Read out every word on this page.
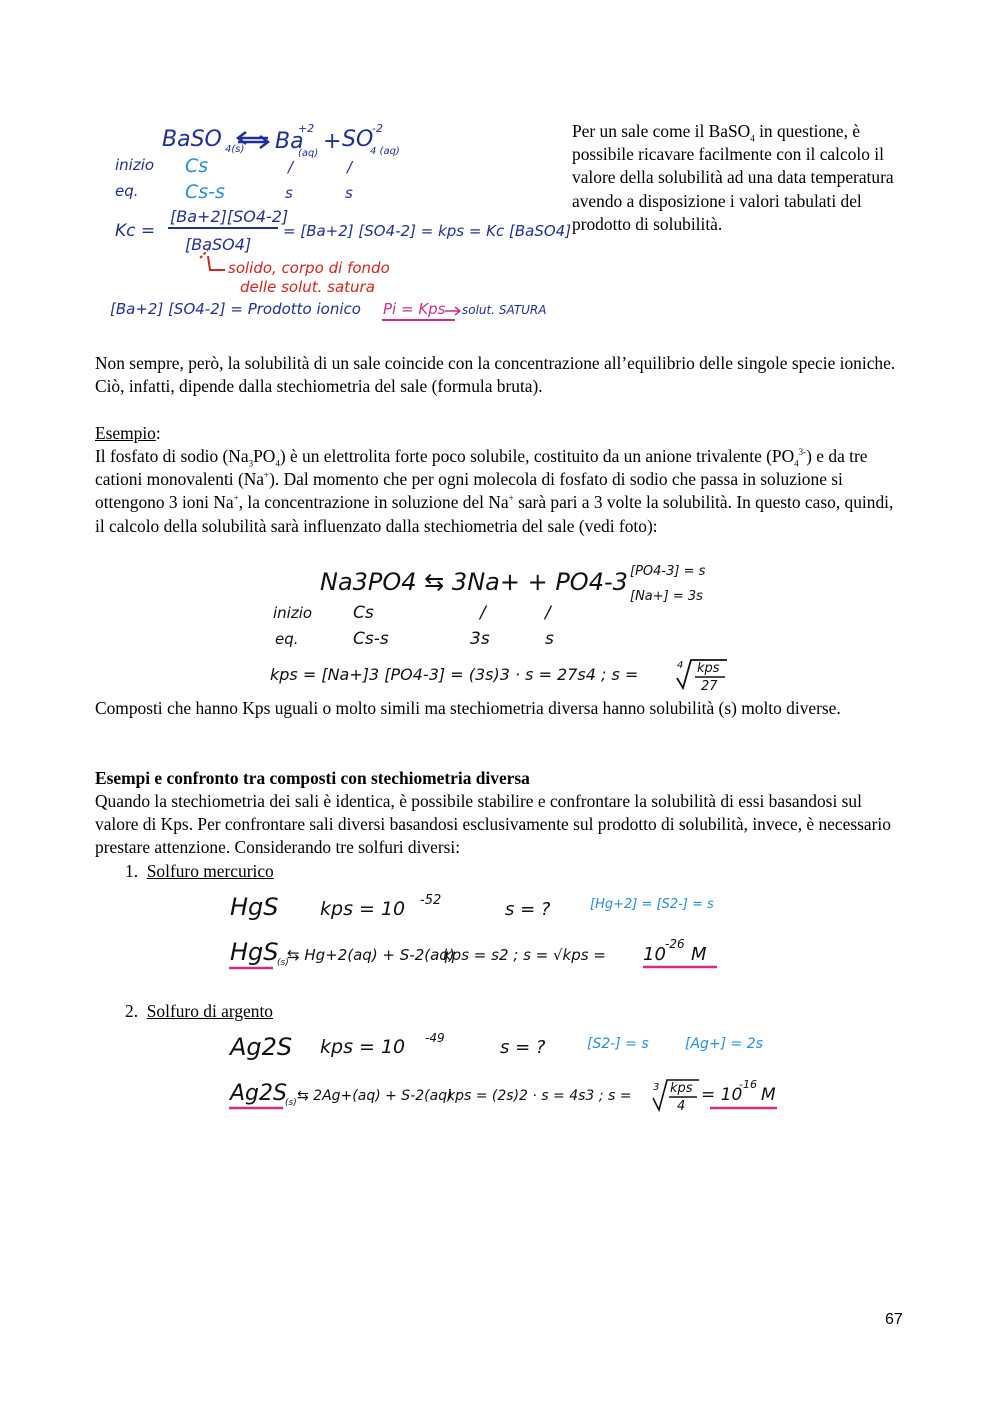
BaSO 4(s) Ba
+2
(aq) + SO
-2
4 (aq)
inizio Cs	/	/
eq. Cs-s	s	s
Kc =
[Ba+2][SO4-2]
[BaSO4]
= [Ba+2] [SO4-2] = kps = Kc [BaSO4]
[Ba+2] [SO4-2] = Prodotto ionico Pi = Kps solut. SATURA
solido, corpo di fondo
delle solut. satura
Per un sale come il BaSO$_4$ in questione, è possibile ricavare facilmente con il calcolo il valore della solubilità ad una data temperatura avendo a disposizione i valori tabulati del prodotto di solubilità.
Non sempre, però, la solubilità di un sale coincide con la concentrazione all’equilibrio delle singole specie ioniche. Ciò, infatti, dipende dalla stechiometria del sale (formula bruta).
Esempio:
Il fosfato di sodio $(Na_3PO_4)$ è un elettrolita forte poco solubile, costituito da un anione trivalente $(PO_4^{3-})$ e da tre cationi monovalenti (Na+). Dal momento che per ogni molecola di fosfato di sodio che passa in soluzione si ottengono 3 ioni Na+, la concentrazione in soluzione del Na+ sarà pari a 3 volte la solubilità. In questo caso, quindi, il calcolo della solubilità sarà influenzato dalla stechiometria del sale (vedi foto):
Na3PO4 ⇆ 3Na+ + PO4-3 [PO4-3] = s
[Na+] = 3s
inizio Cs	/	/
eq.	Cs-s	3s	s
kps = [Na+]3 [PO4-3] = (3s)3 · s = 27s4 ; s =	4 kps
27
Composti che hanno Kps uguali o molto simili ma stechiometria diversa hanno solubilità (s) molto diverse.
Esempi e confronto tra composti con stechiometria diversa
Quando la stechiometria dei sali è identica, è possibile stabilire e confrontare la solubilità di essi basandosi sul valore di Kps. Per confrontare sali diversi basandosi esclusivamente sul prodotto di solubilità, invece, è necessario prestare attenzione. Considerando tre solfuri diversi:
1. Solfuro mercurico
2. Solfuro di argento
HgS kps = 10 -52	s = ?
HgS
(s)
⇆ Hg+2(aq) + S-2(aq)
kps = s2 ; s = √kps = 10 -26 M
[Hg+2] = [S2-] = s
Ag2S kps = 10 -49	s = ?
Ag2S
(s) ⇆ 2Ag+(aq) + S-2(aq)
kps = (2s)2 · s = 4s3 ; s =
3 kps
4
= 10
-16
M
[S2-] = s	[Ag+] = 2s
67
